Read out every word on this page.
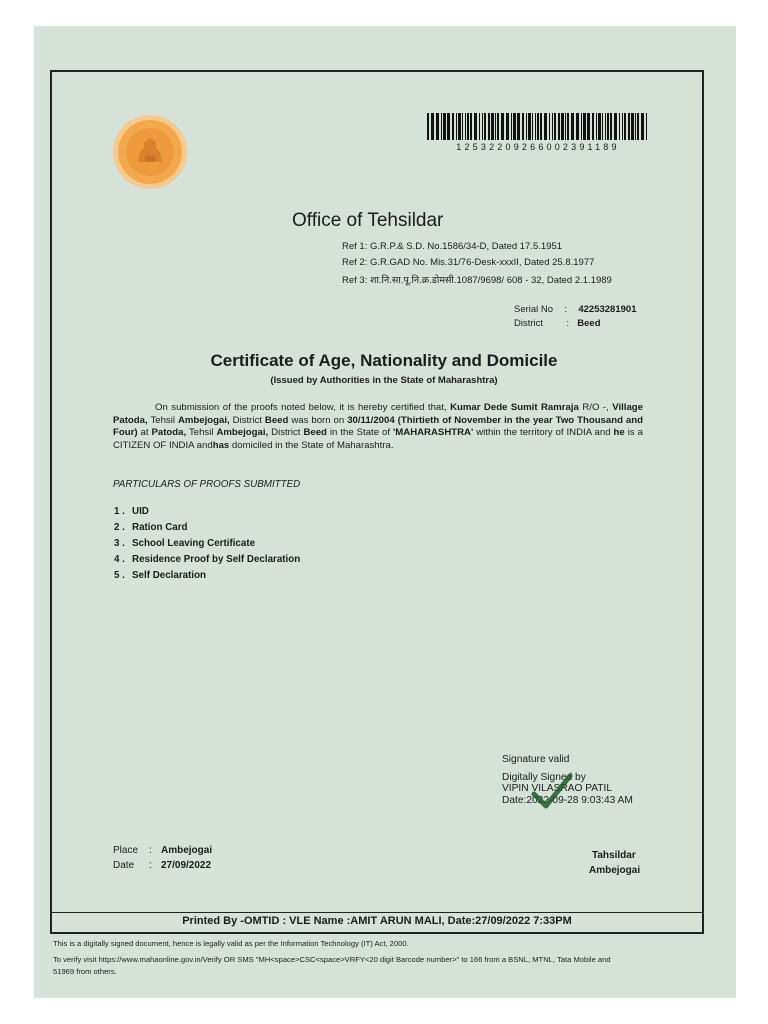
12532209266002391189
Office of Tehsildar
Ref 1: G.R.P.& S.D. No.1586/34-D, Dated 17.5.1951
Ref 2: G.R.GAD No. Mis.31/76-Desk-xxxII, Dated 25.8.1977
Ref 3: शा.नि.सा.पू.नि.क्र.डोमसी.1087/9698/ 608 - 32, Dated 2.1.1989
Serial No : 42253281901
District : Beed
Certificate of Age, Nationality and Domicile
(Issued by Authorities in the State of Maharashtra)
On submission of the proofs noted below, it is hereby certified that, Kumar Dede Sumit Ramraja R/O -, Village Patoda, Tehsil Ambejogai, District Beed was born on 30/11/2004 (Thirtieth of November in the year Two Thousand and Four) at Patoda, Tehsil Ambejogai, District Beed in the State of 'MAHARASHTRA' within the territory of INDIA and he is a CITIZEN OF INDIA andhas domiciled in the State of Maharashtra.
PARTICULARS OF PROOFS SUBMITTED
1 . UID
2 . Ration Card
3 . School Leaving Certificate
4 . Residence Proof by Self Declaration
5 . Self Declaration
Signature valid
Digitally Signed by
VIPIN VILASRAO PATIL
Date:2022-09-28 9:03:43 AM
Place : Ambejogai
Date : 27/09/2022
Tahsildar
Ambejogai
Printed By -OMTID : VLE Name :AMIT ARUN MALI, Date:27/09/2022 7:33PM
This is a digitally signed document, hence is legally valid as per the Information Technology (IT) Act, 2000.
To verify visit https://www.mahaonline.gov.in/Verify OR SMS "MH<space>CSC<space>VRFY<20 digit Barcode number>" to 166 from a BSNL, MTNL, Tata Mobile and
51969 from others.
